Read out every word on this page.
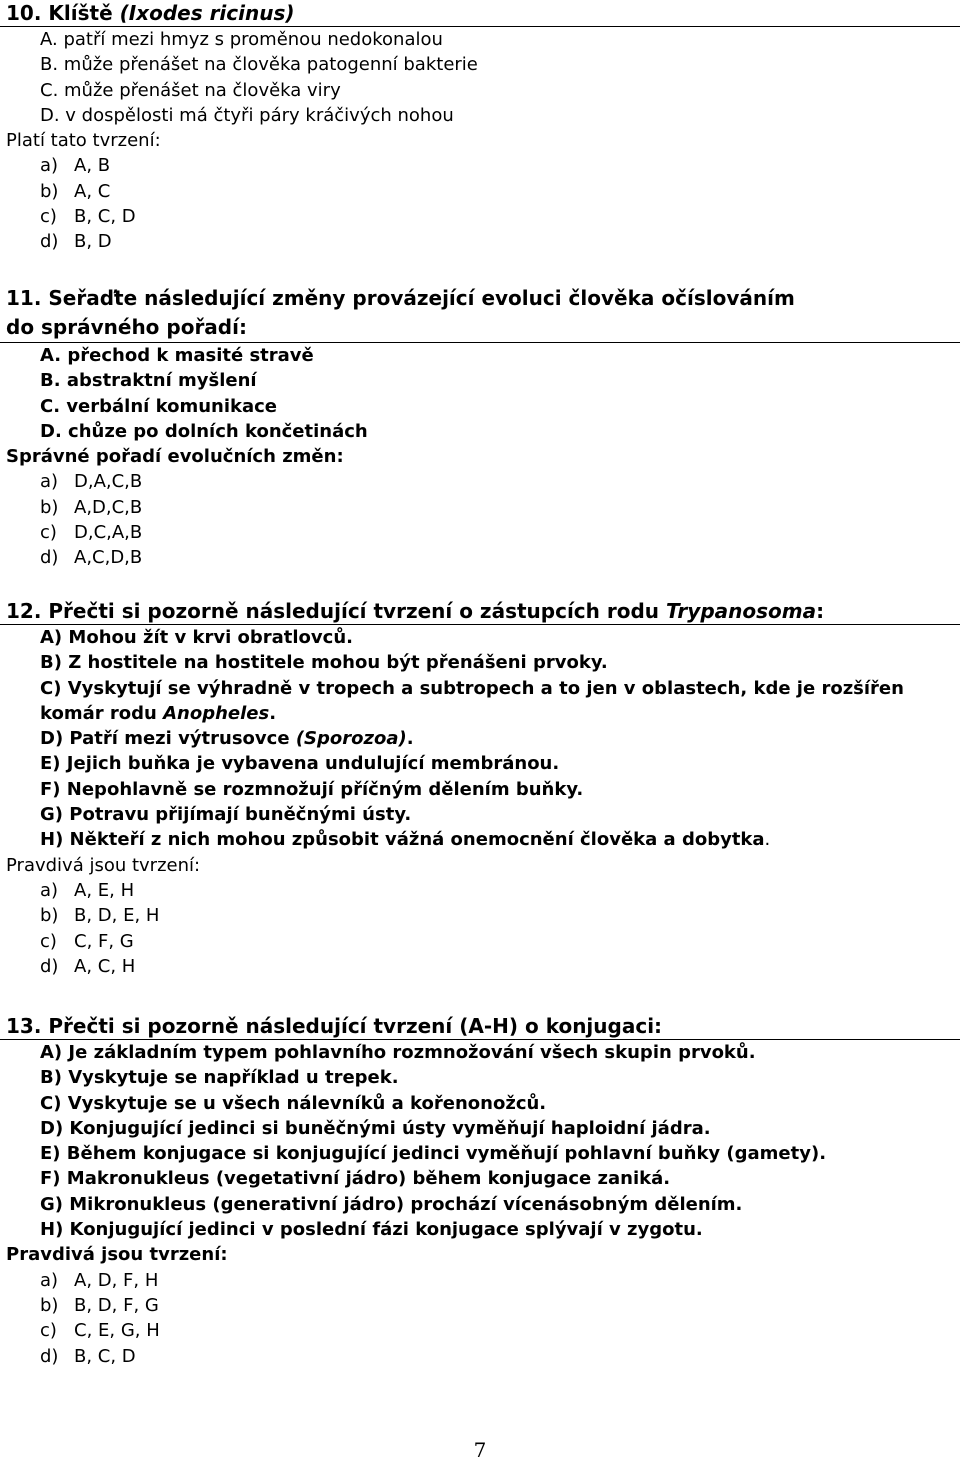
10. Klíště (Ixodes ricinus)
A. patří mezi hmyz s proměnou nedokonalou
B. může přenášet na člověka patogenní bakterie
C. může přenášet na člověka viry
D. v dospělosti má čtyři páry kráčivých nohou
Platí tato tvrzení:
a) A, B
b) A, C
c) B, C, D
d) B, D
11. Seřaďte následující změny provázející evoluci člověka očíslováním
do správného pořadí:
A. přechod k masité stravě
B. abstraktní myšlení
C. verbální komunikace
D. chůze po dolních končetinách
Správné pořadí evolučních změn:
a) D,A,C,B
b) A,D,C,B
c) D,C,A,B
d) A,C,D,B
12. Přečti si pozorně následující tvrzení o zástupcích rodu Trypanosoma:
A) Mohou žít v krvi obratlovců.
B) Z hostitele na hostitele mohou být přenášeni prvoky.
C) Vyskytují se výhradně v tropech a subtropech a to jen v oblastech, kde je rozšířen komár rodu Anopheles.
D) Patří mezi výtrusovce (Sporozoa).
E) Jejich buňka je vybavena undulující membránou.
F) Nepohlavně se rozmnožují příčným dělením buňky.
G) Potravu přijímají buněčnými ústy.
H) Někteří z nich mohou způsobit vážná onemocnění člověka a dobytka.
Pravdivá jsou tvrzení:
a) A, E, H
b) B, D, E, H
c) C, F, G
d) A, C, H
13. Přečti si pozorně následující tvrzení (A-H) o konjugaci:
A) Je základním typem pohlavního rozmnožování všech skupin prvoků.
B) Vyskytuje se například u trepek.
C) Vyskytuje se u všech nálevníků a kořenonožců.
D) Konjugující jedinci si buněčnými ústy vyměňují haploidní jádra.
E) Během konjugace si konjugující jedinci vyměňují pohlavní buňky (gamety).
F) Makronukleus (vegetativní jádro) během konjugace zaniká.
G) Mikronukleus (generativní jádro) prochází vícenásobným dělením.
H) Konjugující jedinci v poslední fázi konjugace splývají v zygotu.
Pravdivá jsou tvrzení:
a) A, D, F, H
b) B, D, F, G
c) C, E, G, H
d) B, C, D
7
